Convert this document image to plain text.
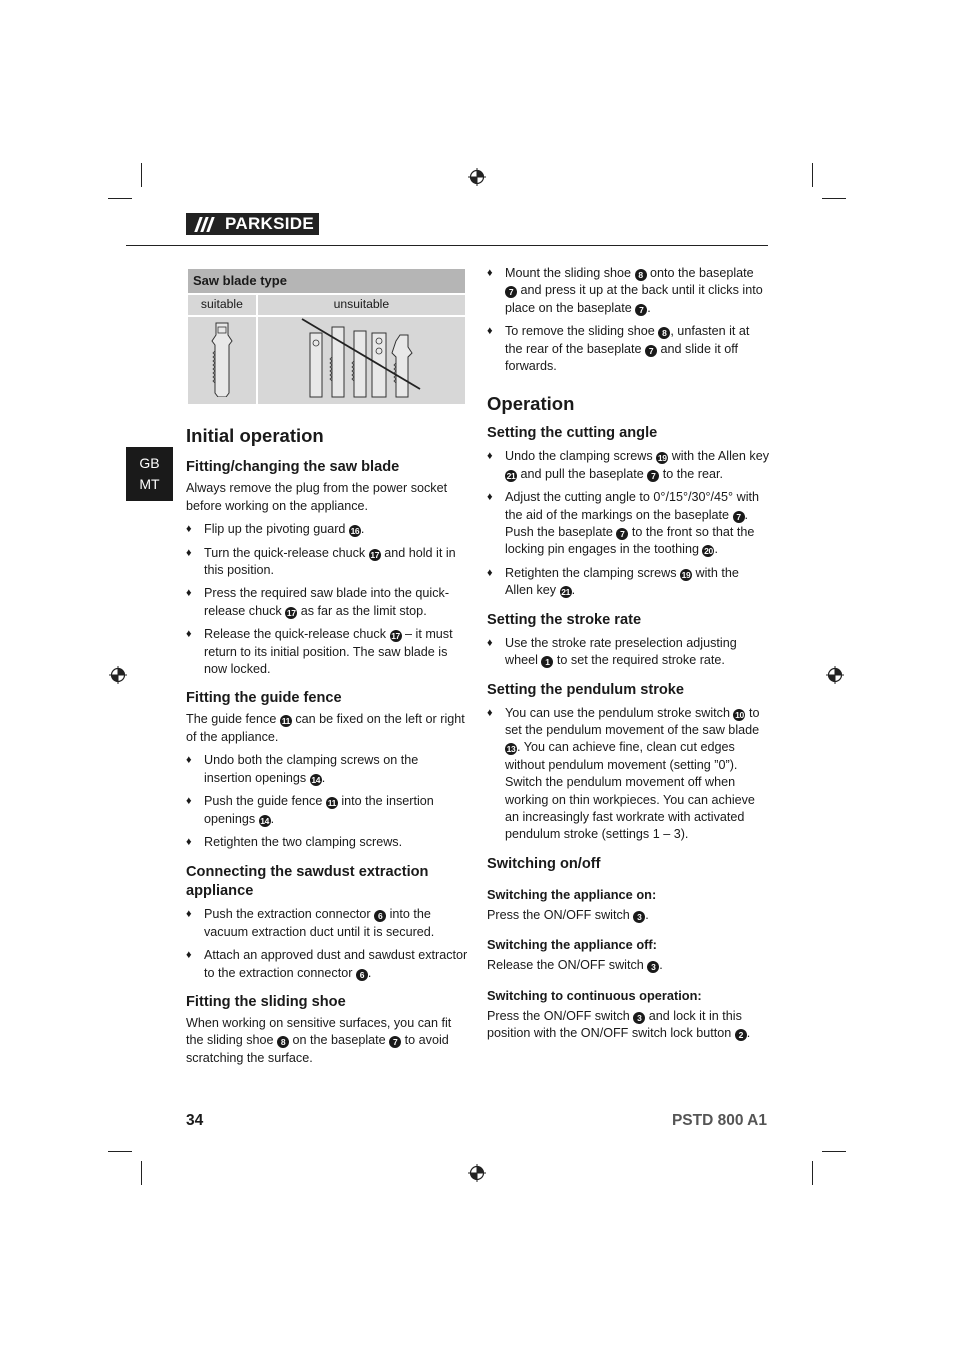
PARKSIDE
GB
MT
Saw blade type	
suitable	unsuitable

Initial operation
Fitting/changing the saw blade

Always remove the plug from the power socket before working on the appliance.

♦ Flip up the pivoting guard 16 .
♦ Turn the quick-release chuck 17 and hold it in this position.
♦ Press the required saw blade into the quick-release chuck 17 as far as the limit stop.
♦ Release the quick-release chuck 17 – it must return to its initial position. The saw blade is now locked.
Fitting the guide fence

The guide fence 11 can be fixed on the left or right of the appliance.

♦ Undo both the clamping screws on the insertion openings 14 .
♦ Push the guide fence 11 into the insertion openings 14 .
♦ Retighten the two clamping screws.
Connecting the sawdust extraction appliance
♦ Push the extraction connector 6 into the vacuum extraction duct until it is secured.
♦ Attach an approved dust and sawdust extractor to the extraction connector 6 .
Fitting the sliding shoe

When working on sensitive surfaces, you can fit the sliding shoe 8 on the baseplate 7 to avoid scratching the surface.

♦ Mount the sliding shoe 8 onto the baseplate 7 and press it up at the back until it clicks into place on the baseplate 7 .
♦ To remove the sliding shoe 8 , unfasten it at the rear of the baseplate 7 and slide it off forwards.
Operation
Setting the cutting angle
♦ Undo the clamping screws 19 with the Allen key 21 and pull the baseplate 7 to the rear.
♦ Adjust the cutting angle to 0°/15°/30°/45° with the aid of the markings on the baseplate 7 . Push the baseplate 7 to the front so that the locking pin engages in the toothing 20 .
♦ Retighten the clamping screws 19 with the Allen key 21 .
Setting the stroke rate
♦ Use the stroke rate preselection adjusting wheel 1 to set the required stroke rate.
Setting the pendulum stroke
♦ You can use the pendulum stroke switch 10 to set the pendulum movement of the saw blade 13 . You can achieve fine, clean cut edges without pendulum movement (setting ”0”). Switch the pendulum movement off when working on thin workpieces. You can achieve an increasingly fast workrate with activated pendulum stroke (settings 1 – 3).
Switching on/off
Switching the appliance on:

Press the ON/OFF switch 3 .

Switching the appliance off:

Release the ON/OFF switch 3 .

Switching to continuous operation:

Press the ON/OFF switch 3 and lock it in this position with the ON/OFF switch lock button 2 .

34	PSTD 800 A1
